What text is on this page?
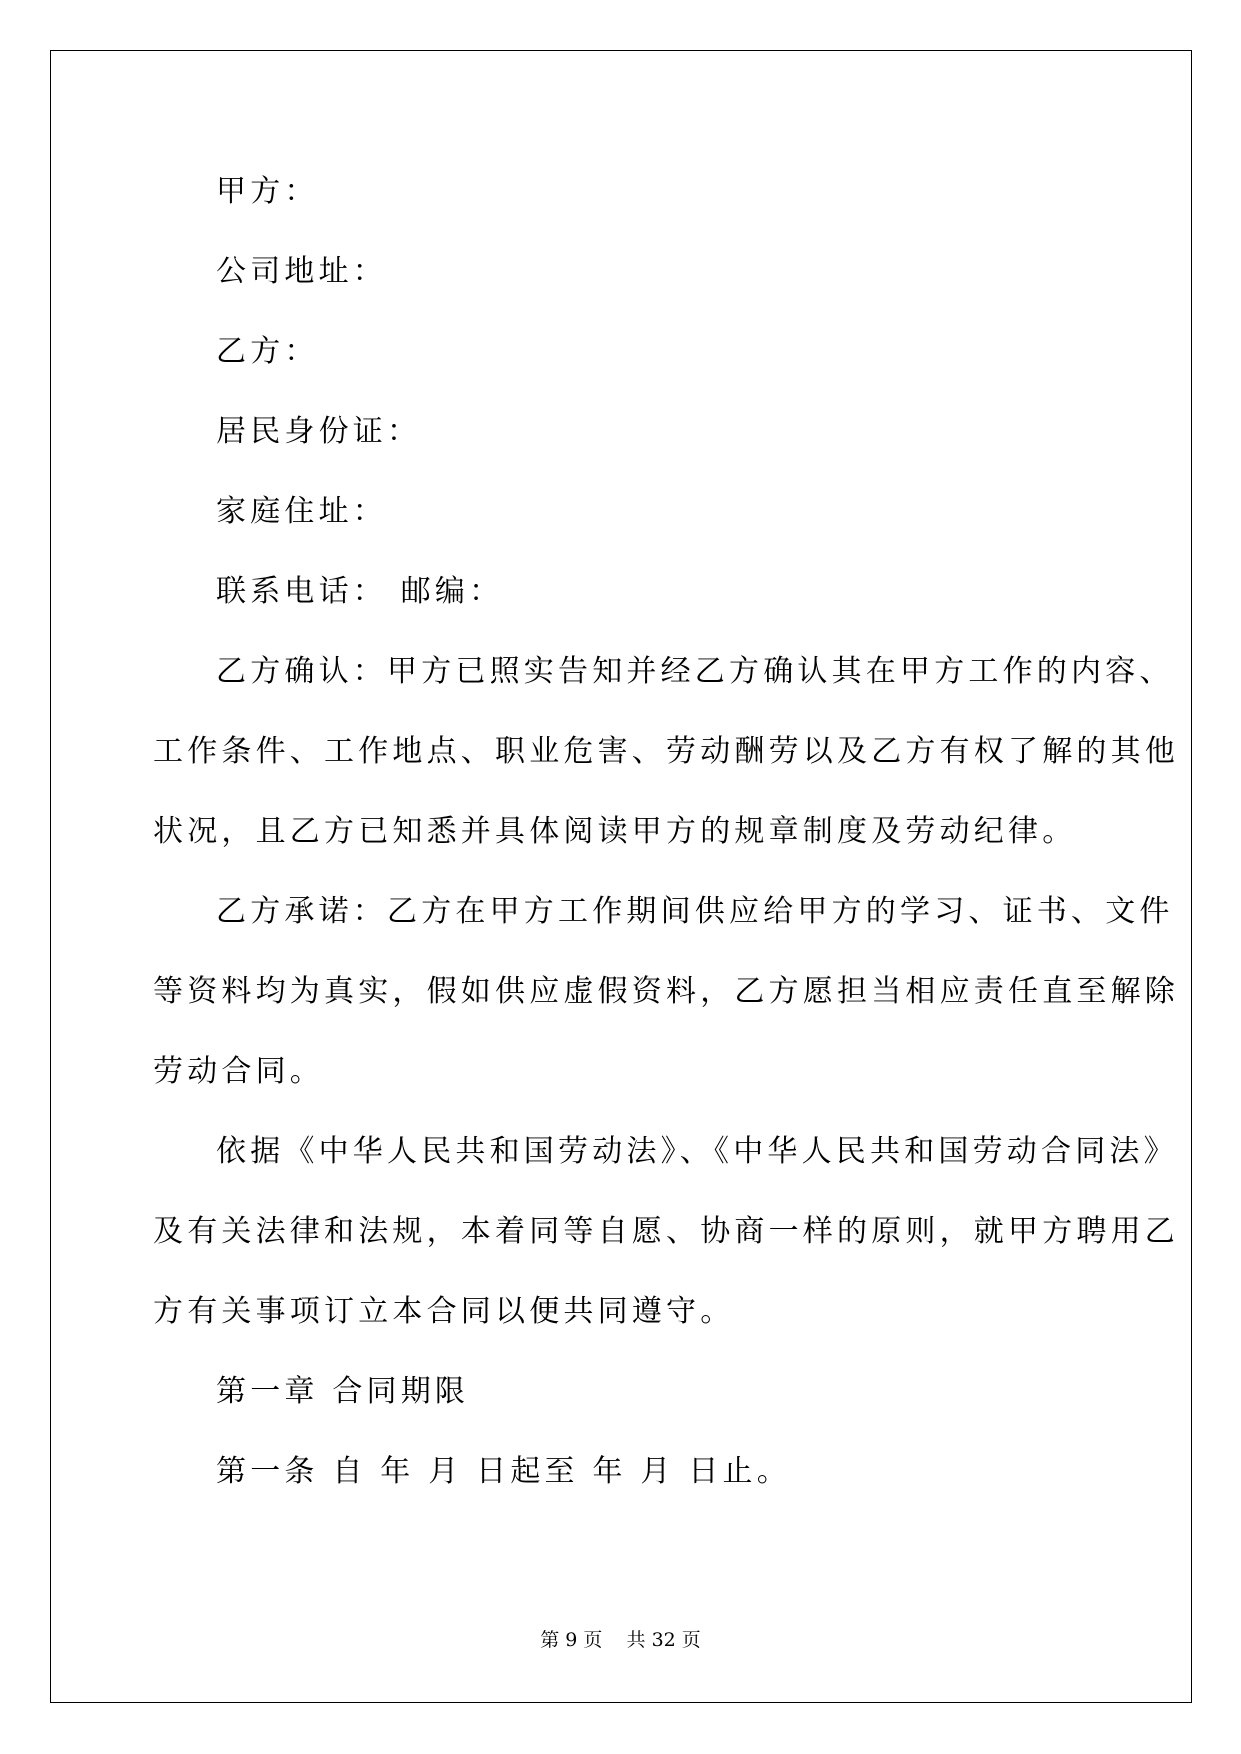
甲方：
公司地址：
乙方：
居民身份证：
家庭住址：
联系电话： 邮编：
乙方确认：甲方已照实告知并经乙方确认其在甲方工作的内容、
工作条件、工作地点、职业危害、劳动酬劳以及乙方有权了解的其他
状况，且乙方已知悉并具体阅读甲方的规章制度及劳动纪律。
乙方承诺：乙方在甲方工作期间供应给甲方的学习、证书、文件
等资料均为真实，假如供应虚假资料，乙方愿担当相应责任直至解除
劳动合同。
依据《中华人民共和国劳动法》、《中华人民共和国劳动合同法》
及有关法律和法规，本着同等自愿、协商一样的原则，就甲方聘用乙
方有关事项订立本合同以便共同遵守。
第一章 合同期限
第一条 自 年 月 日起至 年 月 日止。
第 9 页 共 32 页
